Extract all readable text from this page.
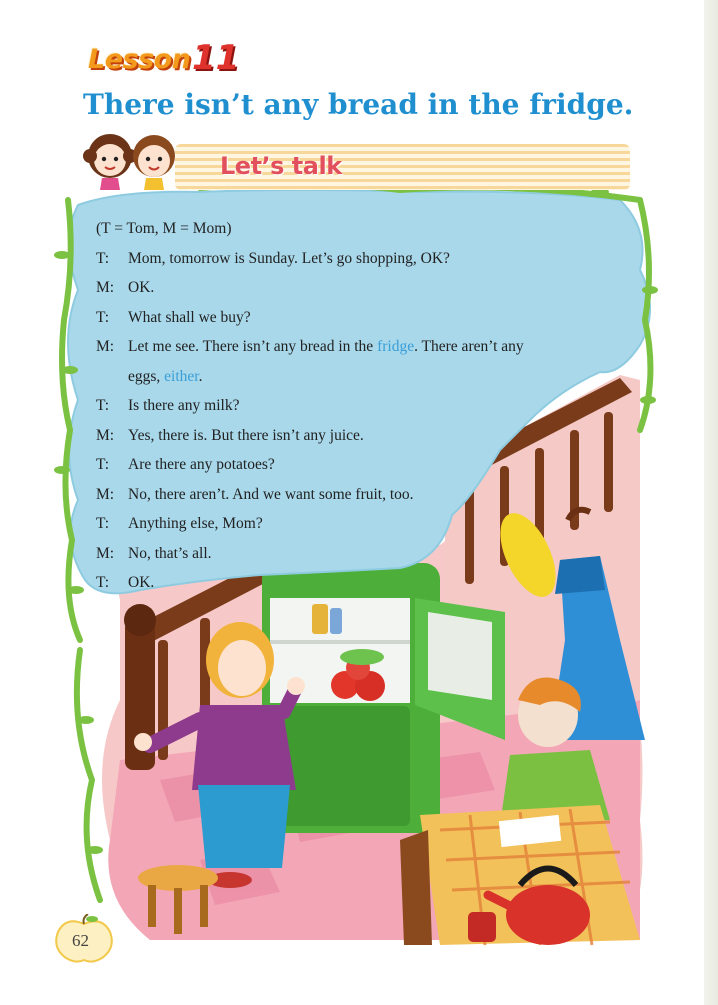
Lesson 11
There isn’t any bread in the fridge.
Let’s talk
(T = Tom, M = Mom)
T:	Mom, tomorrow is Sunday. Let’s go shopping, OK?
M: OK.
T:	What shall we buy?
M: Let me see. There isn’t any bread in the fridge. There aren’t any
eggs, either.
T:	Is there any milk?
M: Yes, there is. But there isn’t any juice.
T:	Are there any potatoes?
M: No, there aren’t. And we want some fruit, too.
T:	Anything else, Mom?
M: No, that’s all.
T:	OK.
62
